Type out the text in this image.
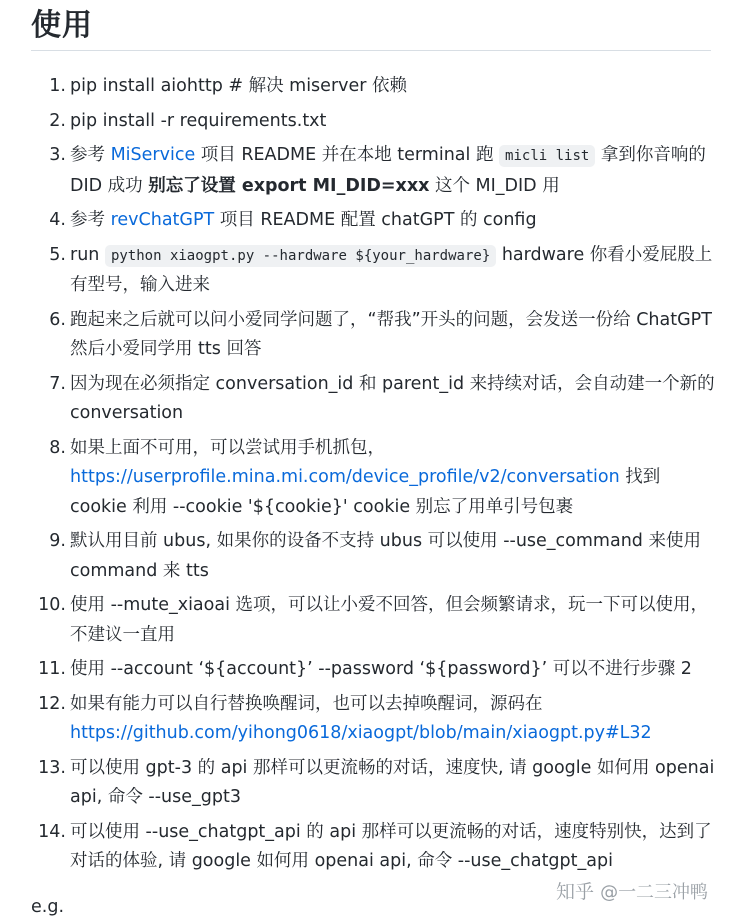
使用
1. pip install aiohttp # 解决 miserver 依赖
2. pip install -r requirements.txt
3. 参考 MiService 项目 README 并在本地 terminal 跑 micli list 拿到你音响的 DID 成功 别忘了设置 export MI_DID=xxx 这个 MI_DID 用
4. 参考 revChatGPT 项目 README 配置 chatGPT 的 config
5. run python xiaogpt.py --hardware ${your_hardware} hardware 你看小爱屁股上有型号，输入进来
6. 跑起来之后就可以问小爱同学问题了，“帮我”开头的问题，会发送一份给 ChatGPT 然后小爱同学用 tts 回答
7. 因为现在必须指定 conversation_id 和 parent_id 来持续对话，会自动建一个新的 conversation
8. 如果上面不可用，可以尝试用手机抓包，https://userprofile.mina.mi.com/device_profile/v2/conversation 找到 cookie 利用 --cookie '${cookie}' cookie 别忘了用单引号包裹
9. 默认用目前 ubus, 如果你的设备不支持 ubus 可以使用 --use_command 来使用 command 来 tts
10. 使用 --mute_xiaoai 选项，可以让小爱不回答，但会频繁请求，玩一下可以使用，不建议一直用
11. 使用 --account ‘${account}’ --password ‘${password}’ 可以不进行步骤 2
12. 如果有能力可以自行替换唤醒词，也可以去掉唤醒词，源码在https://github.com/yihong0618/xiaogpt/blob/main/xiaogpt.py#L32
13. 可以使用 gpt-3 的 api 那样可以更流畅的对话，速度快, 请 google 如何用 openai api, 命令 --use_gpt3
14. 可以使用 --use_chatgpt_api 的 api 那样可以更流畅的对话，速度特别快，达到了对话的体验, 请 google 如何用 openai api, 命令 --use_chatgpt_api
e.g.
知乎 @一二三冲鸭
